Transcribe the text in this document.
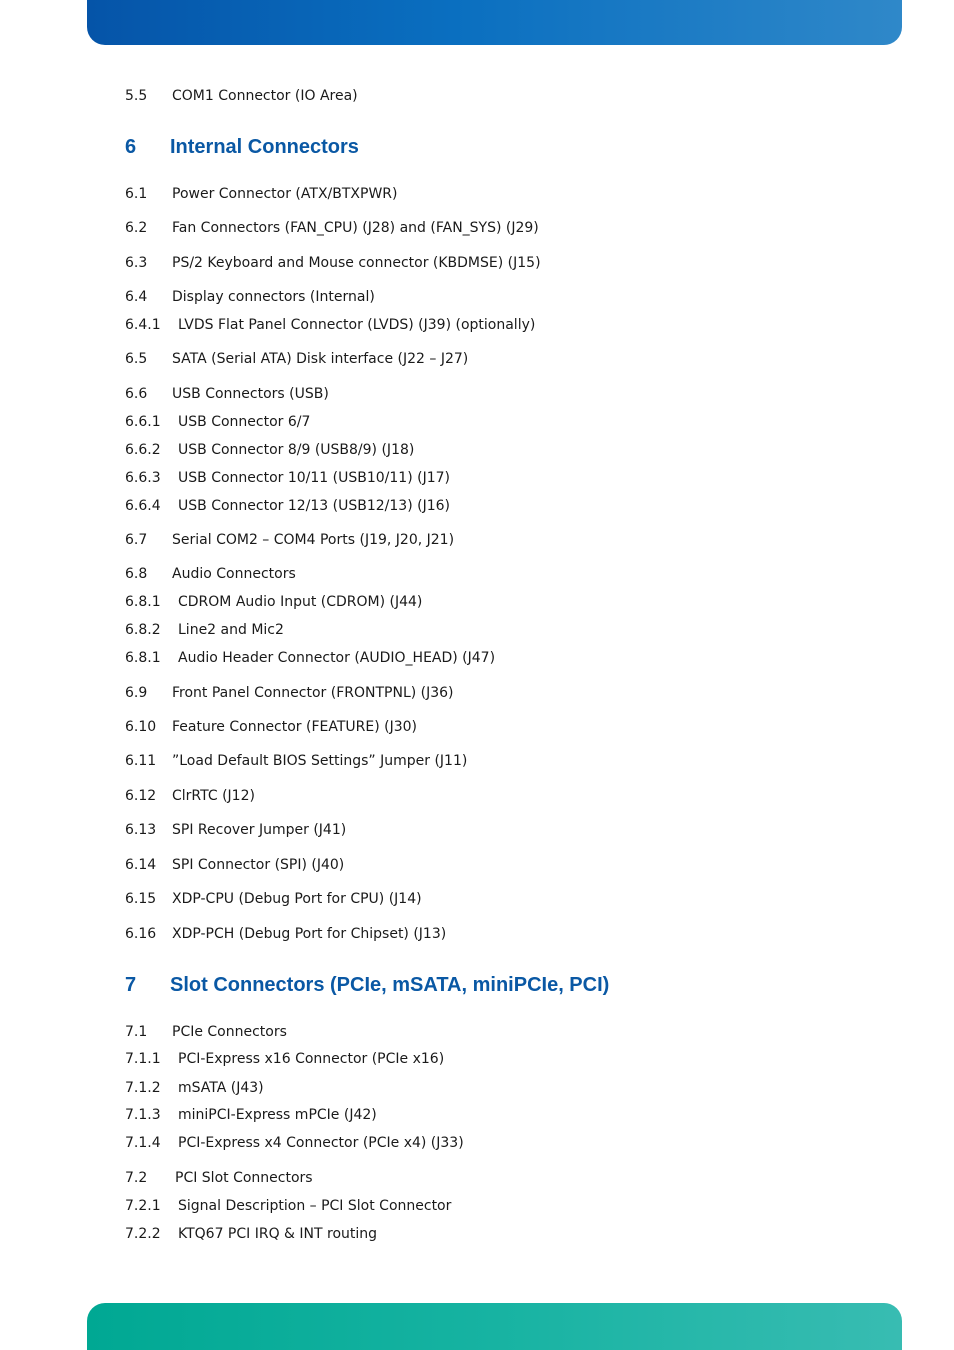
5.5 COM1 Connector (IO Area)
6 Internal Connectors
6.1 Power Connector (ATX/BTXPWR)
6.2 Fan Connectors (FAN_CPU) (J28) and (FAN_SYS) (J29)
6.3 PS/2 Keyboard and Mouse connector (KBDMSE) (J15)
6.4 Display connectors (Internal)
6.4.1 LVDS Flat Panel Connector (LVDS) (J39) (optionally)
6.5 SATA (Serial ATA) Disk interface (J22 – J27)
6.6 USB Connectors (USB)
6.6.1 USB Connector 6/7
6.6.2 USB Connector 8/9 (USB8/9) (J18)
6.6.3 USB Connector 10/11 (USB10/11) (J17)
6.6.4 USB Connector 12/13 (USB12/13) (J16)
6.7 Serial COM2 – COM4 Ports (J19, J20, J21)
6.8 Audio Connectors
6.8.1 CDROM Audio Input (CDROM) (J44)
6.8.2 Line2 and Mic2
6.8.1 Audio Header Connector (AUDIO_HEAD) (J47)
6.9 Front Panel Connector (FRONTPNL) (J36)
6.10 Feature Connector (FEATURE) (J30)
6.11 ”Load Default BIOS Settings” Jumper (J11)
6.12 ClrRTC (J12)
6.13 SPI Recover Jumper (J41)
6.14 SPI Connector (SPI) (J40)
6.15 XDP-CPU (Debug Port for CPU) (J14)
6.16 XDP-PCH (Debug Port for Chipset) (J13)
7 Slot Connectors (PCIe, mSATA, miniPCIe, PCI)
7.1 PCIe Connectors
7.1.1 PCI-Express x16 Connector (PCIe x16)
7.1.2 mSATA (J43)
7.1.3 miniPCI-Express mPCIe (J42)
7.1.4 PCI-Express x4 Connector (PCIe x4) (J33)
7.2 PCI Slot Connectors
7.2.1 Signal Description – PCI Slot Connector
7.2.2 KTQ67 PCI IRQ & INT routing
